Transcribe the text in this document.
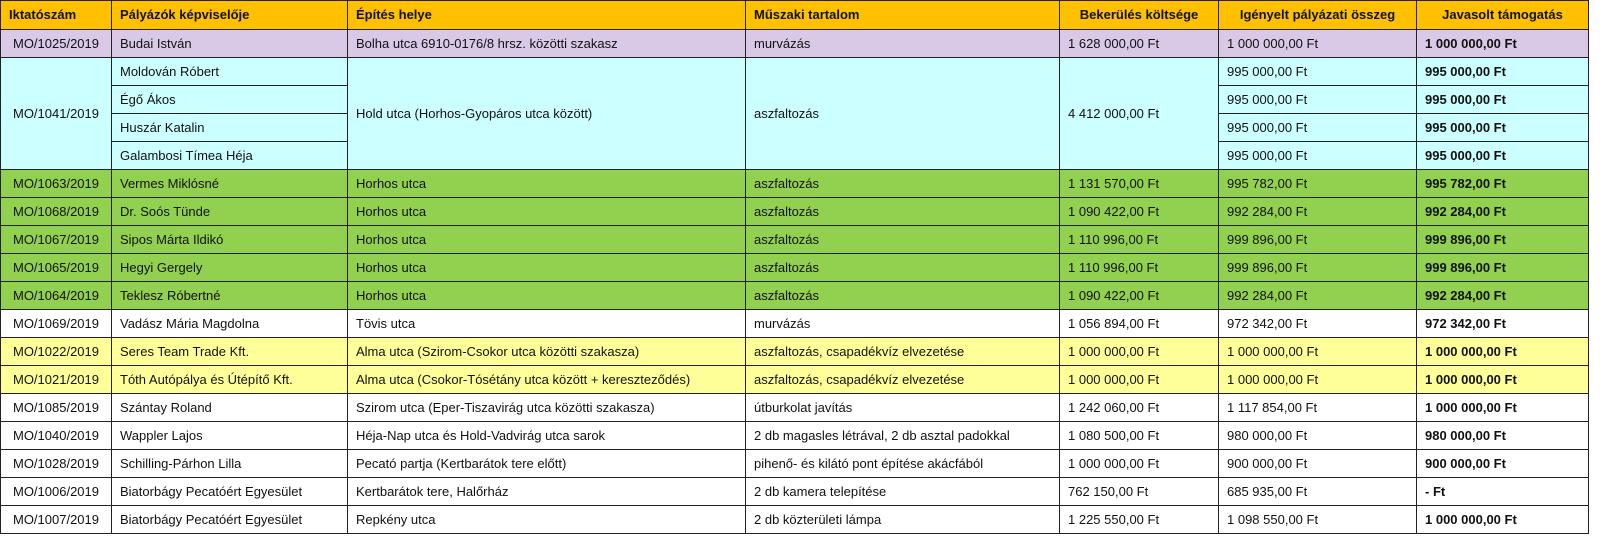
Iktatószám	Pályázók képviselője	Építés helye	Műszaki tartalom	Bekerülés költsége	Igényelt pályázati összeg	Javasolt támogatás
MO/1025/2019	Budai István	Bolha utca 6910-0176/8 hrsz. közötti szakasz	murvázás	1 628 000,00 Ft	1 000 000,00 Ft	1 000 000,00 Ft
MO/1041/2019	Moldován Róbert	Hold utca (Horhos-Gyopáros utca között)	aszfaltozás	4 412 000,00 Ft	995 000,00 Ft	995 000,00 Ft
	Égő Ákos				995 000,00 Ft	995 000,00 Ft
	Huszár Katalin				995 000,00 Ft	995 000,00 Ft
	Galambosi Tímea Héja				995 000,00 Ft	995 000,00 Ft
MO/1063/2019	Vermes Miklósné	Horhos utca	aszfaltozás	1 131 570,00 Ft	995 782,00 Ft	995 782,00 Ft
MO/1068/2019	Dr. Soós Tünde	Horhos utca	aszfaltozás	1 090 422,00 Ft	992 284,00 Ft	992 284,00 Ft
MO/1067/2019	Sipos Márta Ildikó	Horhos utca	aszfaltozás	1 110 996,00 Ft	999 896,00 Ft	999 896,00 Ft
MO/1065/2019	Hegyi Gergely	Horhos utca	aszfaltozás	1 110 996,00 Ft	999 896,00 Ft	999 896,00 Ft
MO/1064/2019	Teklesz Róbertné	Horhos utca	aszfaltozás	1 090 422,00 Ft	992 284,00 Ft	992 284,00 Ft
MO/1069/2019	Vadász Mária Magdolna	Tövis utca	murvázás	1 056 894,00 Ft	972 342,00 Ft	972 342,00 Ft
MO/1022/2019	Seres Team Trade Kft.	Alma utca (Szirom-Csokor utca közötti szakasza)	aszfaltozás, csapadékvíz elvezetése	1 000 000,00 Ft	1 000 000,00 Ft	1 000 000,00 Ft
MO/1021/2019	Tóth Autópálya és Útépítő Kft.	Alma utca (Csokor-Tósétány utca között + kereszteződés)	aszfaltozás, csapadékvíz elvezetése	1 000 000,00 Ft	1 000 000,00 Ft	1 000 000,00 Ft
MO/1085/2019	Szántay Roland	Szirom utca (Eper-Tiszavirág utca közötti szakasza)	útburkolat javítás	1 242 060,00 Ft	1 117 854,00 Ft	1 000 000,00 Ft
MO/1040/2019	Wappler Lajos	Héja-Nap utca és Hold-Vadvirág utca sarok	2 db magasles létrával, 2 db asztal padokkal	1 080 500,00 Ft	980 000,00 Ft	980 000,00 Ft
MO/1028/2019	Schilling-Párhon Lilla	Pecató partja (Kertbarátok tere előtt)	pihenő- és kilátó pont építése akácfából	1 000 000,00 Ft	900 000,00 Ft	900 000,00 Ft
MO/1006/2019	Biatorbágy Pecatóért Egyesület	Kertbarátok tere, Halőrház	2 db kamera telepítése	762 150,00 Ft	685 935,00 Ft	- Ft
MO/1007/2019	Biatorbágy Pecatóért Egyesület	Repkény utca	2 db közterületi lámpa	1 225 550,00 Ft	1 098 550,00 Ft	1 000 000,00 Ft
